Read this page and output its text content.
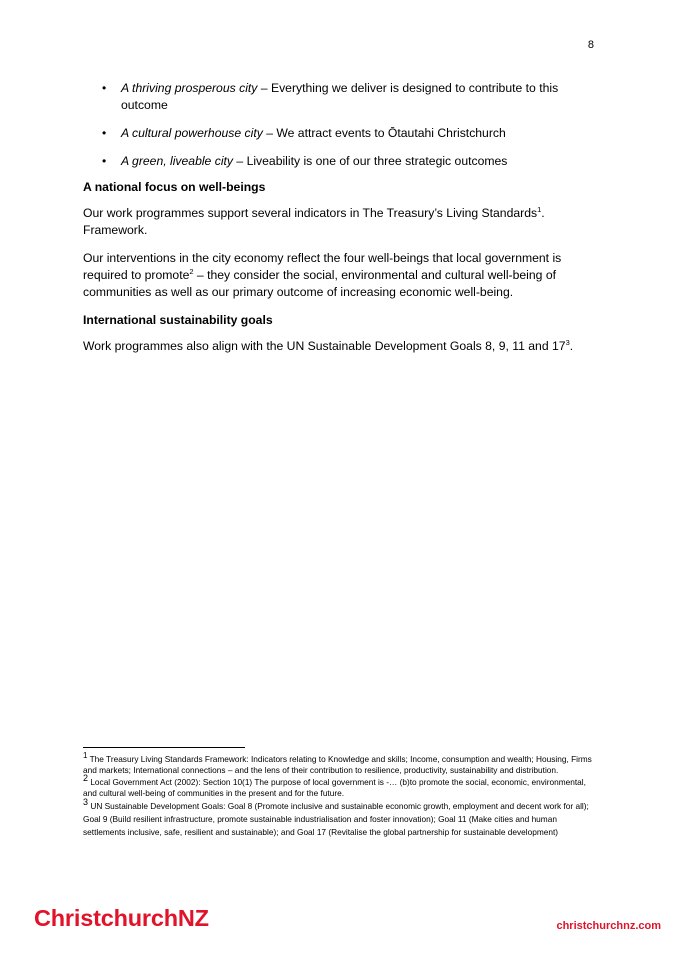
8
• A thriving prosperous city – Everything we deliver is designed to contribute to this outcome
• A cultural powerhouse city – We attract events to Ōtautahi Christchurch
• A green, liveable city – Liveability is one of our three strategic outcomes
A national focus on well-beings

Our work programmes support several indicators in The Treasury’s Living Standards$^1$. Framework.

Our interventions in the city economy reflect the four well-beings that local government is required to promote$^2$ – they consider the social, environmental and cultural well-being of communities as well as our primary outcome of increasing economic well-being.

International sustainability goals

Work programmes also align with the UN Sustainable Development Goals 8, 9, 11 and $17^3$.

1 The Treasury Living Standards Framework: Indicators relating to Knowledge and skills; Income, consumption and wealth; Housing, Firms and markets; International connections – and the lens of their contribution to resilience, productivity, sustainability and distribution.

2 Local Government Act (2002): Section 10(1) The purpose of local government is -… (b)to promote the social, economic, environmental, and cultural well-being of communities in the present and for the future.

3 UN Sustainable Development Goals: Goal 8 (Promote inclusive and sustainable economic growth, employment and decent work for all); Goal 9 (Build resilient infrastructure, promote sustainable industrialisation and foster innovation); Goal 11 (Make cities and human settlements inclusive, safe, resilient and sustainable); and Goal 17 (Revitalise the global partnership for sustainable development)

ChristchurchNZ	christchurchnz.com
